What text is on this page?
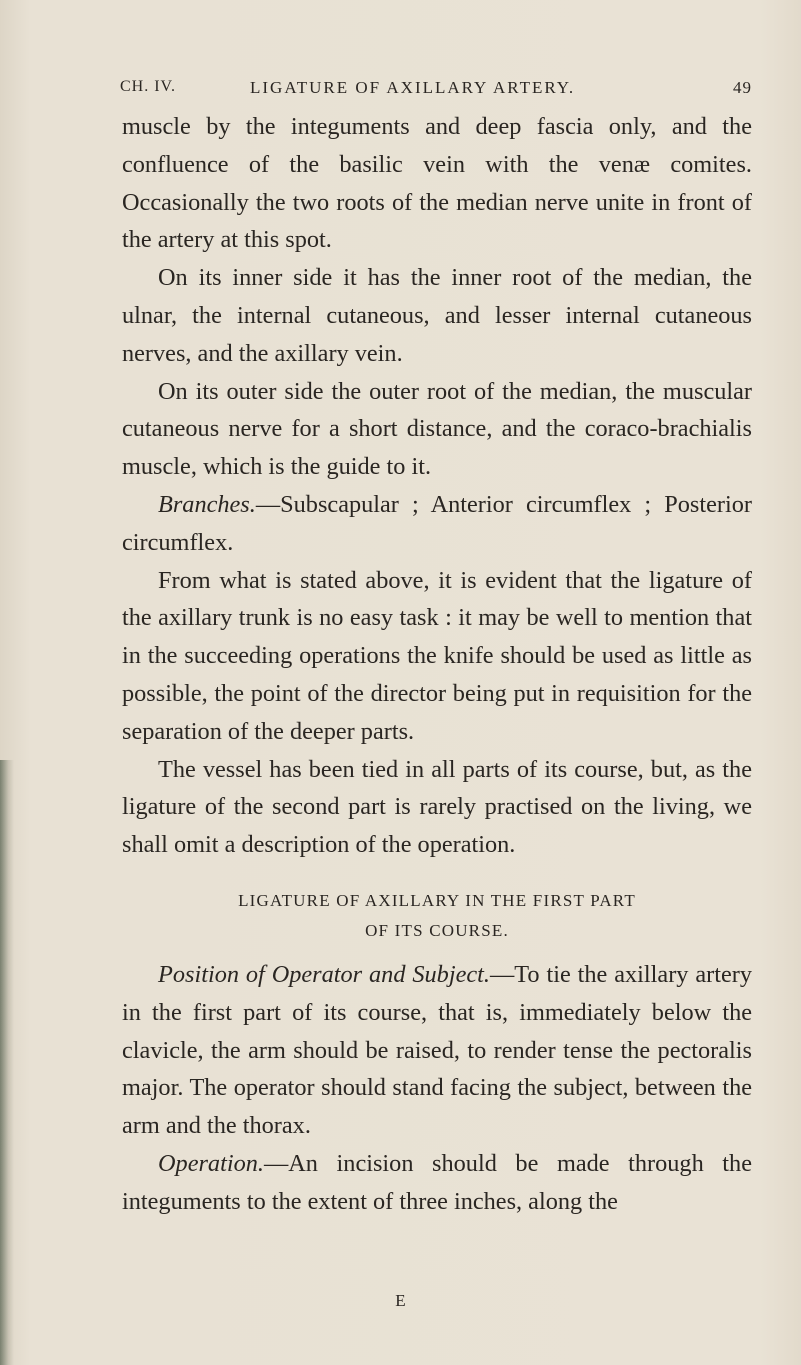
CH. IV.	LIGATURE OF AXILLARY ARTERY.	49

muscle by the integuments and deep fascia only, and the confluence of the basilic vein with the venæ comites. Occasionally the two roots of the median nerve unite in front of the artery at this spot.

On its inner side it has the inner root of the median, the ulnar, the internal cutaneous, and lesser internal cutaneous nerves, and the axillary vein.

On its outer side the outer root of the median, the muscular cutaneous nerve for a short distance, and the coraco-brachialis muscle, which is the guide to it.

Branches.—Subscapular ; Anterior circumflex ; Posterior circumflex.

From what is stated above, it is evident that the ligature of the axillary trunk is no easy task : it may be well to mention that in the succeeding operations the knife should be used as little as possible, the point of the director being put in requisition for the separation of the deeper parts.

The vessel has been tied in all parts of its course, but, as the ligature of the second part is rarely practised on the living, we shall omit a description of the operation.

LIGATURE OF AXILLARY IN THE FIRST PART
OF ITS COURSE.

Position of Operator and Subject.—To tie the axillary artery in the first part of its course, that is, immediately below the clavicle, the arm should be raised, to render tense the pectoralis major. The operator should stand facing the subject, between the arm and the thorax.

Operation.—An incision should be made through the integuments to the extent of three inches, along the

E
